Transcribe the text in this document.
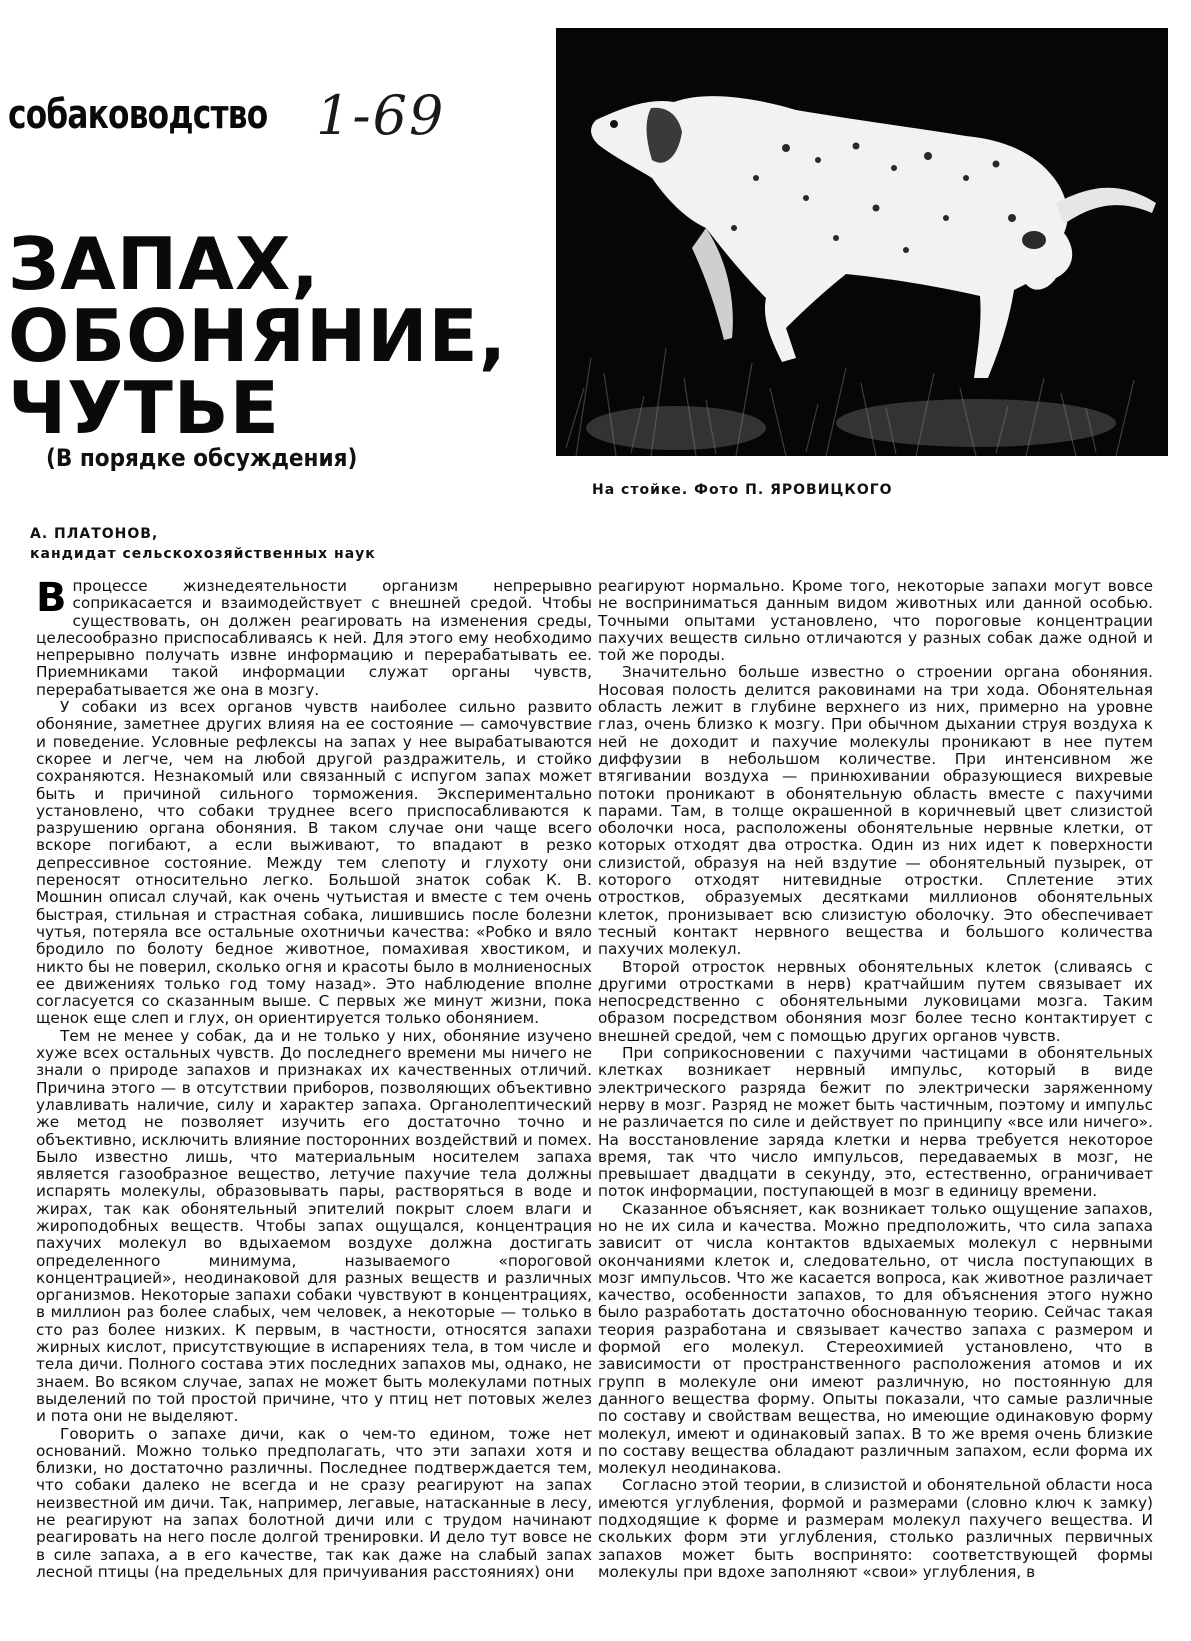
собаководство 1-69
ЗАПАХ,
ОБОНЯНИЕ,
ЧУТЬЕ
(В порядке обсуждения)
На стойке. Фото П. ЯРОВИЦКОГО
А. ПЛАТОНОВ,
кандидат сельскохозяйственных наук

В процессе жизнедеятельности организм непрерывно соприкасается и взаимодействует с внешней средой. Чтобы существовать, он должен реагировать на изменения среды, целесообразно приспосабливаясь к ней. Для этого ему необходимо непрерывно получать извне информацию и перерабатывать ее. Приемниками такой информации служат органы чувств, перерабатывается же она в мозгу.

У собаки из всех органов чувств наиболее сильно развито обоняние, заметнее других влияя на ее состояние — самочувствие и поведение. Условные рефлексы на запах у нее вырабатываются скорее и легче, чем на любой другой раздражитель, и стойко сохраняются. Незнакомый или связанный с испугом запах может быть и причиной сильного торможения. Экспериментально установлено, что собаки труднее всего приспосабливаются к разрушению органа обоняния. В таком случае они чаще всего вскоре погибают, а если выживают, то впадают в резко депрессивное состояние. Между тем слепоту и глухоту они переносят относительно легко. Большой знаток собак К. В. Мошнин описал случай, как очень чутьистая и вместе с тем очень быстрая, стильная и страстная собака, лишившись после болезни чутья, потеряла все остальные охотничьи качества: «Робко и вяло бродило по болоту бедное животное, помахивая хвостиком, и никто бы не поверил, сколько огня и красоты было в молниеносных ее движениях только год тому назад». Это наблюдение вполне согласуется со сказанным выше. С первых же минут жизни, пока щенок еще слеп и глух, он ориентируется только обонянием.

Тем не менее у собак, да и не только у них, обоняние изучено хуже всех остальных чувств. До последнего времени мы ничего не знали о природе запахов и признаках их качественных отличий. Причина этого — в отсутствии приборов, позволяющих объективно улавливать наличие, силу и характер запаха. Органолептический же метод не позволяет изучить его достаточно точно и объективно, исключить влияние посторонних воздействий и помех. Было известно лишь, что материальным носителем запаха является газообразное вещество, летучие пахучие тела должны испарять молекулы, образовывать пары, растворяться в воде и жирах, так как обонятельный эпителий покрыт слоем влаги и жироподобных веществ. Чтобы запах ощущался, концентрация пахучих молекул во вдыхаемом воздухе должна достигать определенного минимума, называемого «пороговой концентрацией», неодинаковой для разных веществ и различных организмов. Некоторые запахи собаки чувствуют в концентрациях, в миллион раз более слабых, чем человек, а некоторые — только в сто раз более низких. К первым, в частности, относятся запахи жирных кислот, присутствующие в испарениях тела, в том числе и тела дичи. Полного состава этих последних запахов мы, однако, не знаем. Во всяком случае, запах не может быть молекулами потных выделений по той простой причине, что у птиц нет потовых желез и пота они не выделяют.

Говорить о запахе дичи, как о чем-то едином, тоже нет оснований. Можно только предполагать, что эти запахи хотя и близки, но достаточно различны. Последнее подтверждается тем, что собаки далеко не всегда и не сразу реагируют на запах неизвестной им дичи. Так, например, легавые, натасканные в лесу, не реагируют на запах болотной дичи или с трудом начинают реагировать на него после долгой тренировки. И дело тут вовсе не в силе запаха, а в его качестве, так как даже на слабый запах лесной птицы (на предельных для причуивания расстояниях) они

реагируют нормально. Кроме того, некоторые запахи могут вовсе не восприниматься данным видом животных или данной особью. Точными опытами установлено, что пороговые концентрации пахучих веществ сильно отличаются у разных собак даже одной и той же породы.

Значительно больше известно о строении органа обоняния. Носовая полость делится раковинами на три хода. Обонятельная область лежит в глубине верхнего из них, примерно на уровне глаз, очень близко к мозгу. При обычном дыхании струя воздуха к ней не доходит и пахучие молекулы проникают в нее путем диффузии в небольшом количестве. При интенсивном же втягивании воздуха — принюхивании образующиеся вихревые потоки проникают в обонятельную область вместе с пахучими парами. Там, в толще окрашенной в коричневый цвет слизистой оболочки носа, расположены обонятельные нервные клетки, от которых отходят два отростка. Один из них идет к поверхности слизистой, образуя на ней вздутие — обонятельный пузырек, от которого отходят нитевидные отростки. Сплетение этих отростков, образуемых десятками миллионов обонятельных клеток, пронизывает всю слизистую оболочку. Это обеспечивает тесный контакт нервного вещества и большого количества пахучих молекул.

Второй отросток нервных обонятельных клеток (сливаясь с другими отростками в нерв) кратчайшим путем связывает их непосредственно с обонятельными луковицами мозга. Таким образом посредством обоняния мозг более тесно контактирует с внешней средой, чем с помощью других органов чувств.

При соприкосновении с пахучими частицами в обонятельных клетках возникает нервный импульс, который в виде электрического разряда бежит по электрически заряженному нерву в мозг. Разряд не может быть частичным, поэтому и импульс не различается по силе и действует по принципу «все или ничего». На восстановление заряда клетки и нерва требуется некоторое время, так что число импульсов, передаваемых в мозг, не превышает двадцати в секунду, это, естественно, ограничивает поток информации, поступающей в мозг в единицу времени.

Сказанное объясняет, как возникает только ощущение запахов, но не их сила и качества. Можно предположить, что сила запаха зависит от числа контактов вдыхаемых молекул с нервными окончаниями клеток и, следовательно, от числа поступающих в мозг импульсов. Что же касается вопроса, как животное различает качество, особенности запахов, то для объяснения этого нужно было разработать достаточно обоснованную теорию. Сейчас такая теория разработана и связывает качество запаха с размером и формой его молекул. Стереохимией установлено, что в зависимости от пространственного расположения атомов и их групп в молекуле они имеют различную, но постоянную для данного вещества форму. Опыты показали, что самые различные по составу и свойствам вещества, но имеющие одинаковую форму молекул, имеют и одинаковый запах. В то же время очень близкие по составу вещества обладают различным запахом, если форма их молекул неодинакова.

Согласно этой теории, в слизистой и обонятельной области носа имеются углубления, формой и размерами (словно ключ к замку) подходящие к форме и размерам молекул пахучего вещества. И скольких форм эти углубления, столько различных первичных запахов может быть воспринято: соответствующей формы молекулы при вдохе заполняют «свои» углубления, в
